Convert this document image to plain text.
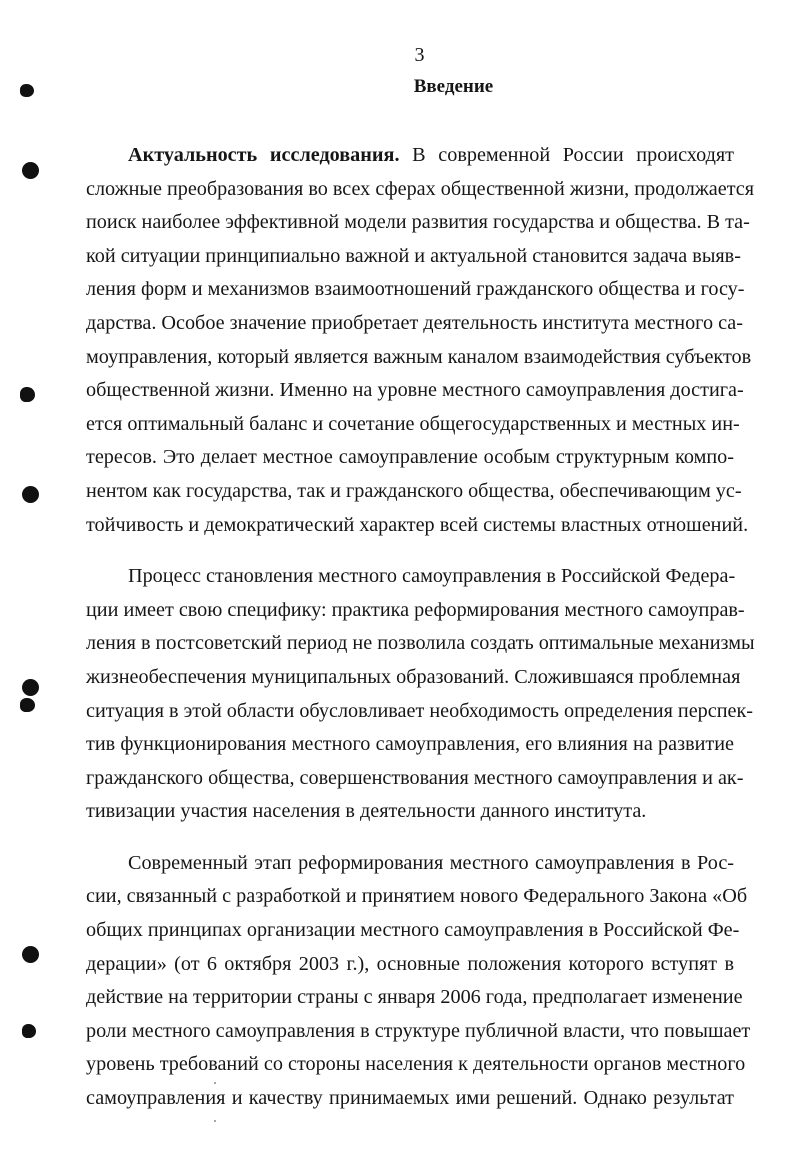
3
Введение

Актуальность исследования. В современной России происходят
сложные преобразования во всех сферах общественной жизни, продолжается
поиск наиболее эффективной модели развития государства и общества. В та-
кой ситуации принципиально важной и актуальной становится задача выяв-
ления форм и механизмов взаимоотношений гражданского общества и госу-
дарства. Особое значение приобретает деятельность института местного са-
моуправления, который является важным каналом взаимодействия субъектов
общественной жизни. Именно на уровне местного самоуправления достига-
ется оптимальный баланс и сочетание общегосударственных и местных ин-
тересов. Это делает местное самоуправление особым структурным компо-
нентом как государства, так и гражданского общества, обеспечивающим ус-
тойчивость и демократический характер всей системы властных отношений.

Процесс становления местного самоуправления в Российской Федера-
ции имеет свою специфику: практика реформирования местного самоуправ-
ления в постсоветский период не позволила создать оптимальные механизмы
жизнеобеспечения муниципальных образований. Сложившаяся проблемная
ситуация в этой области обусловливает необходимость определения перспек-
тив функционирования местного самоуправления, его влияния на развитие
гражданского общества, совершенствования местного самоуправления и ак-
тивизации участия населения в деятельности данного института.

Современный этап реформирования местного самоуправления в Рос-
сии, связанный с разработкой и принятием нового Федерального Закона «Об
общих принципах организации местного самоуправления в Российской Фе-
дерации» (от 6 октября 2003 г.), основные положения которого вступят в
действие на территории страны с января 2006 года, предполагает изменение
роли местного самоуправления в структуре публичной власти, что повышает
уровень требований со стороны населения к деятельности органов местного
самоуправления и качеству принимаемых ими решений. Однако результат
